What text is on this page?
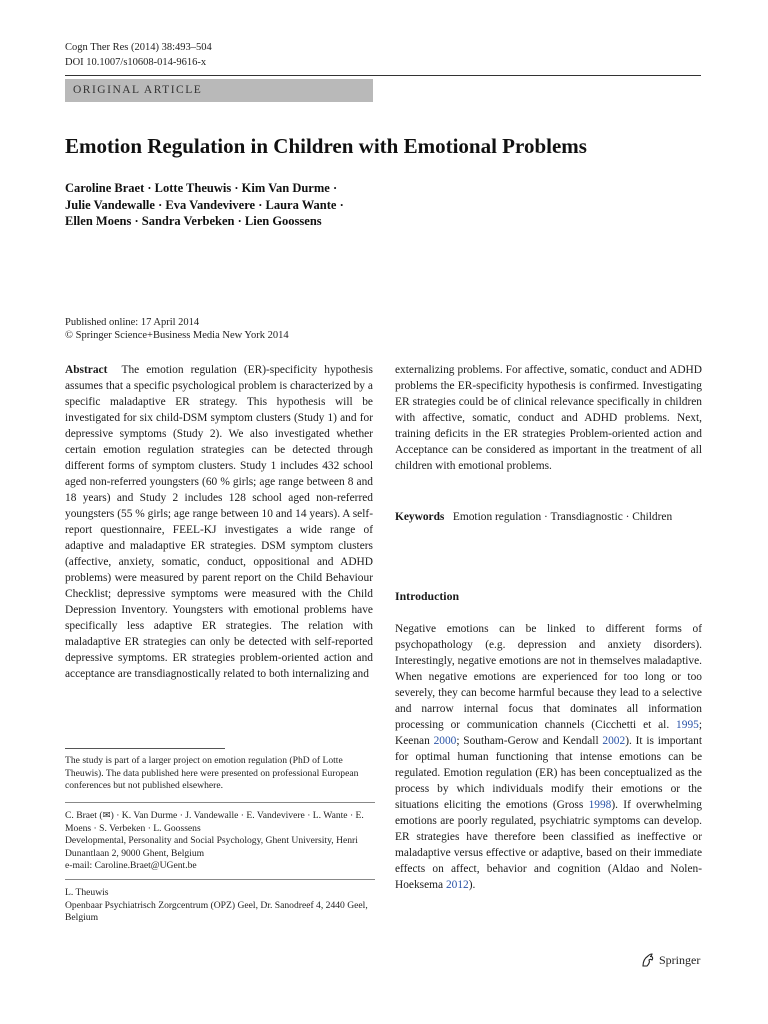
Cogn Ther Res (2014) 38:493–504
DOI 10.1007/s10608-014-9616-x
ORIGINAL ARTICLE
Emotion Regulation in Children with Emotional Problems
Caroline Braet · Lotte Theuwis · Kim Van Durme ·
Julie Vandewalle · Eva Vandevivere · Laura Wante ·
Ellen Moens · Sandra Verbeken · Lien Goossens
Published online: 17 April 2014
© Springer Science+Business Media New York 2014

Abstract The emotion regulation (ER)-specificity hypothesis assumes that a specific psychological problem is characterized by a specific maladaptive ER strategy. This hypothesis will be investigated for six child-DSM symptom clusters (Study 1) and for depressive symptoms (Study 2). We also investigated whether certain emotion regulation strategies can be detected through different forms of symptom clusters. Study 1 includes 432 school aged non-referred youngsters (60 % girls; age range between 8 and 18 years) and Study 2 includes 128 school aged non-referred youngsters (55 % girls; age range between 10 and 14 years). A self-report questionnaire, FEEL-KJ investigates a wide range of adaptive and maladaptive ER strategies. DSM symptom clusters (affective, anxiety, somatic, conduct, oppositional and ADHD problems) were measured by parent report on the Child Behaviour Checklist; depressive symptoms were measured with the Child Depression Inventory. Youngsters with emotional problems have specifically less adaptive ER strategies. The relation with maladaptive ER strategies can only be detected with self-reported depressive symptoms. ER strategies problem-oriented action and acceptance are transdiagnostically related to both internalizing and

externalizing problems. For affective, somatic, conduct and ADHD problems the ER-specificity hypothesis is confirmed. Investigating ER strategies could be of clinical relevance specifically in children with affective, somatic, conduct and ADHD problems. Next, training deficits in the ER strategies Problem-oriented action and Acceptance can be considered as important in the treatment of all children with emotional problems.

Keywords Emotion regulation · Transdiagnostic · Children
Introduction

Negative emotions can be linked to different forms of psychopathology (e.g. depression and anxiety disorders). Interestingly, negative emotions are not in themselves maladaptive. When negative emotions are experienced for too long or too severely, they can become harmful because they lead to a selective and narrow internal focus that dominates all information processing or communication channels (Cicchetti et al. 1995; Keenan 2000; Southam-Gerow and Kendall 2002). It is important for optimal human functioning that intense emotions can be regulated. Emotion regulation (ER) has been conceptualized as the process by which individuals modify their emotions or the situations eliciting the emotions (Gross 1998). If overwhelming emotions are poorly regulated, psychiatric symptoms can develop. ER strategies have therefore been classified as ineffective or maladaptive versus effective or adaptive, based on their immediate effects on affect, behavior and cognition (Aldao and Nolen-Hoeksema 2012).

The study is part of a larger project on emotion regulation (PhD of Lotte Theuwis). The data published here were presented on professional European conferences but not published elsewhere.
C. Braet (✉) · K. Van Durme · J. Vandewalle · E. Vandevivere · L. Wante · E. Moens · S. Verbeken · L. Goossens
Developmental, Personality and Social Psychology, Ghent University, Henri Dunantlaan 2, 9000 Ghent, Belgium
e-mail: Caroline.Braet@UGent.be
L. Theuwis
Openbaar Psychiatrisch Zorgcentrum (OPZ) Geel, Dr. Sanodreef 4, 2440 Geel, Belgium
Springer
